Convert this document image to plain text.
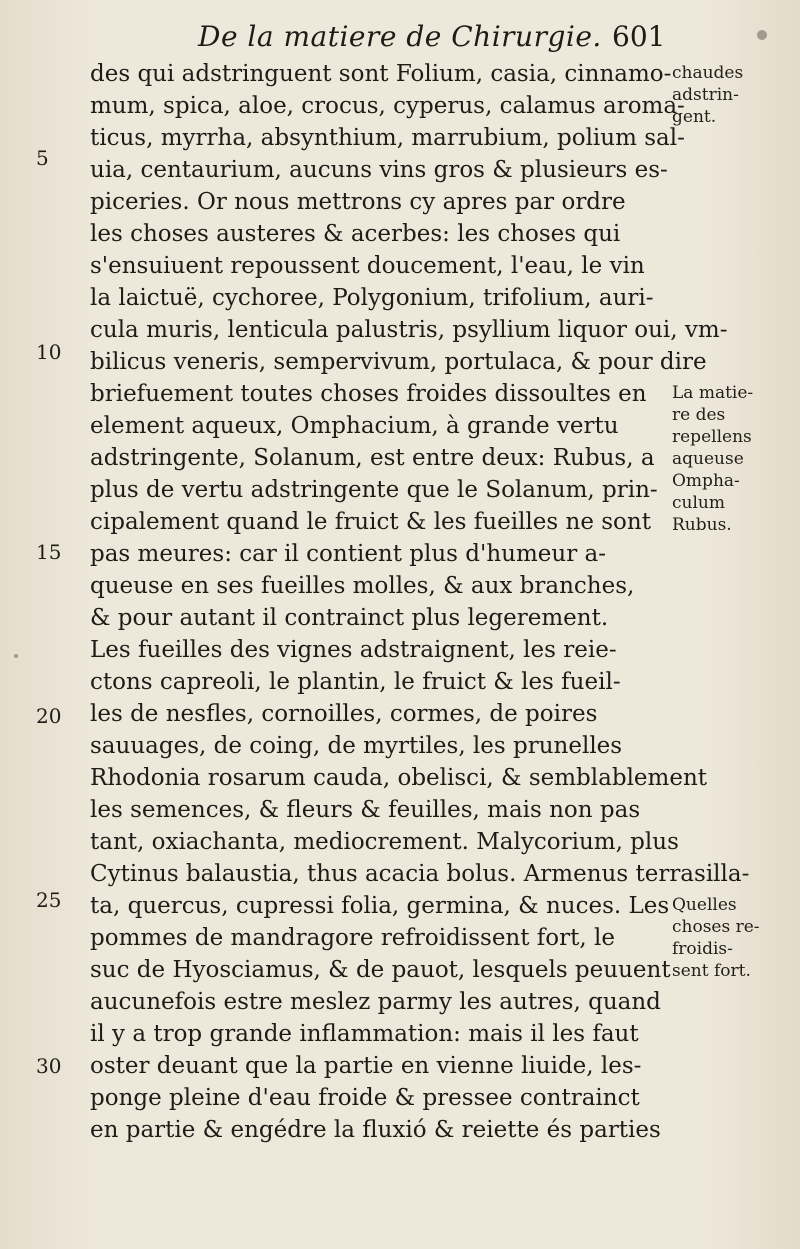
De la matiere de Chirurgie. 601
des qui adstringuent sont Folium, casia, cinnamo-
mum, spica, aloe, crocus, cyperus, calamus aroma-
ticus, myrrha, absynthium, marrubium, polium sal-
uia, centaurium, aucuns vins gros & plusieurs es-
piceries. Or nous mettrons cy apres par ordre
les choses austeres & acerbes: les choses qui
s'ensuiuent repoussent doucement, l'eau, le vin
la laictuë, cychoree, Polygonium, trifolium, auri-
cula muris, lenticula palustris, psyllium liquor oui, vm-
bilicus veneris, sempervivum, portulaca, & pour dire
briefuement toutes choses froides dissoultes en
element aqueux, Omphacium, à grande vertu
adstringente, Solanum, est entre deux: Rubus, a
plus de vertu adstringente que le Solanum, prin-
cipalement quand le fruict & les fueilles ne sont
pas meures: car il contient plus d'humeur a-
queuse en ses fueilles molles, & aux branches,
& pour autant il contrainct plus legerement.
Les fueilles des vignes adstraignent, les reie-
ctons capreoli, le plantin, le fruict & les fueil-
les de nesfles, cornoilles, cormes, de poires
sauuages, de coing, de myrtiles, les prunelles
Rhodonia rosarum cauda, obelisci, & semblablement
les semences, & fleurs & feuilles, mais non pas
tant, oxiachanta, mediocrement. Malycorium, plus
Cytinus balaustia, thus acacia bolus. Armenus terrasilla-
ta, quercus, cupressi folia, germina, & nuces. Les
pommes de mandragore refroidissent fort, le
suc de Hyosciamus, & de pauot, lesquels peuuent
aucunefois estre meslez parmy les autres, quand
il y a trop grande inflammation: mais il les faut
oster deuant que la partie en vienne liuide, les-
ponge pleine d'eau froide & pressee contrainct
en partie & engédre la fluxió & reiette és parties
5
10
15
20
25
30
chaudes
adstrin-
gent.
La matie-
re des
repellens
aqueuse
Ompha-
culum
Rubus.
Quelles
choses re-
froidis-
sent fort.
